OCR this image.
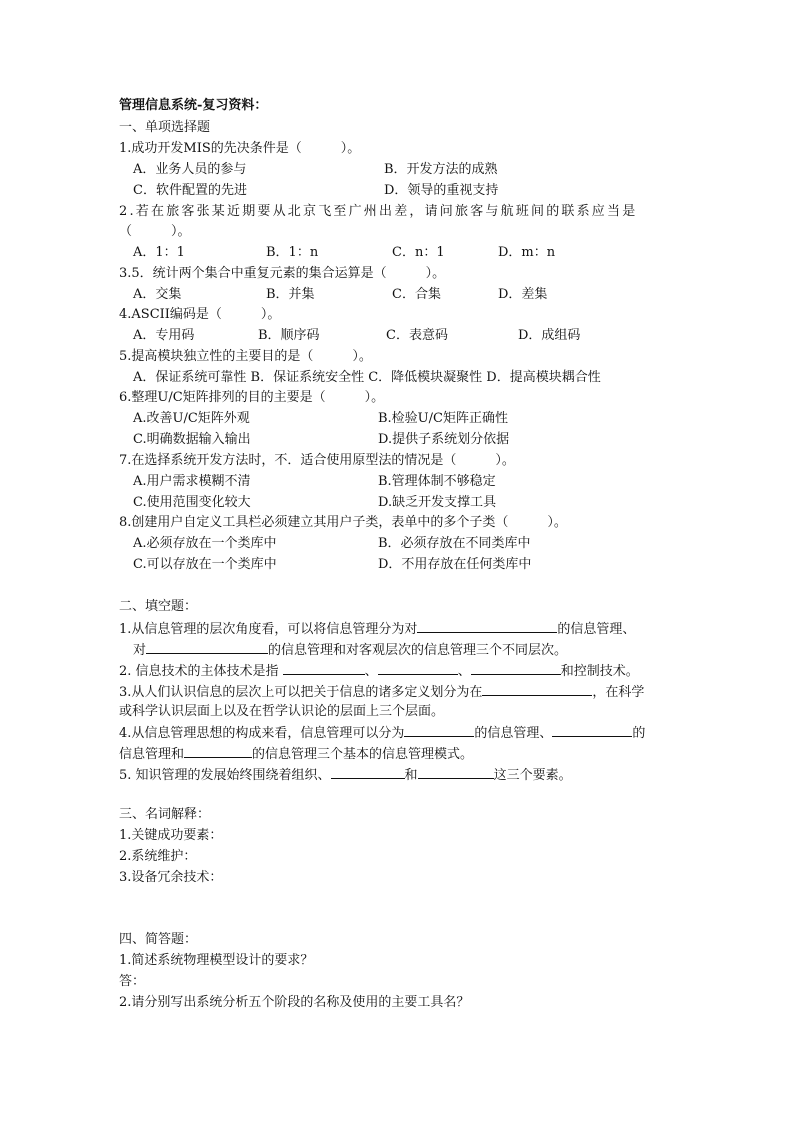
管理信息系统-复习资料：
一、单项选择题
1.成功开发MIS的先决条件是（　　　）。
A．业务人员的参与	B．开发方法的成熟
C．软件配置的先进	D．领导的重视支持
2.若在旅客张某近期要从北京飞至广州出差，请问旅客与航班间的联系应当是
（　　　）。
A．1：1	B．1：n	C．n：1	D．m：n
3.5．统计两个集合中重复元素的集合运算是（　　　）。
A．交集	B．并集	C．合集	D．差集
4.ASCII编码是（　　　）。
A．专用码	B．顺序码	C．表意码	D．成组码
5.提高模块独立性的主要目的是（　　　）。
A．保证系统可靠性 B．保证系统安全性 C．降低模块凝聚性 D．提高模块耦合性
6.整理U/C矩阵排列的目的主要是（　　　）。
A.改善U/C矩阵外观	B.检验U/C矩阵正确性
C.明确数据输入输出	D.提供子系统划分依据
7.在选择系统开发方法时，不．适合使用原型法的情况是（　　　）。
A.用户需求模糊不清	B.管理体制不够稳定
C.使用范围变化较大	D.缺乏开发支撑工具
8.创建用户自定义工具栏必须建立其用户子类，表单中的多个子类（　　　）。
A.必须存放在一个类库中	B．必须存放在不同类库中
C.可以存放在一个类库中	D．不用存放在任何类库中
二、填空题：
1.从信息管理的层次角度看，可以将信息管理分为对	的信息管理、
对	的信息管理和对客观层次的信息管理三个不同层次。
2. 信息技术的主体技术是指	、	、	和控制技术。
3.从人们认识信息的层次上可以把关于信息的诸多定义划分为在	，在科学
或科学认识层面上以及在哲学认识论的层面上三个层面。
4.从信息管理思想的构成来看，信息管理可以分为	的信息管理、	的
信息管理和	的信息管理三个基本的信息管理模式。
5. 知识管理的发展始终围绕着组织、	和	这三个要素。
三、名词解释：
1.关键成功要素：
2.系统维护：
3.设备冗余技术：
四、简答题：
1.简述系统物理模型设计的要求？
答：
2.请分别写出系统分析五个阶段的名称及使用的主要工具名？
